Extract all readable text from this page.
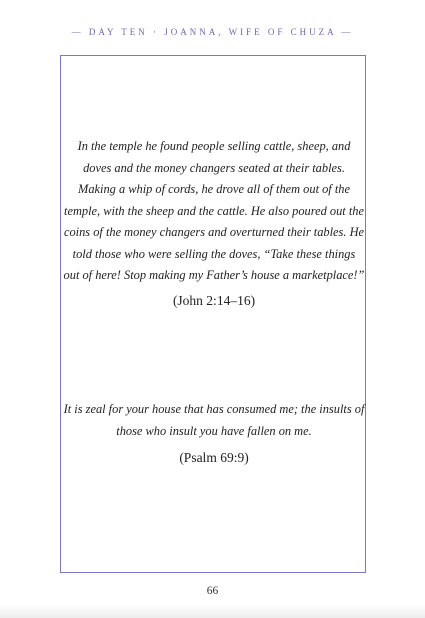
— DAY TEN · JOANNA, WIFE OF CHUZA —
In the temple he found people selling cattle, sheep, and
doves and the money changers seated at their tables.
Making a whip of cords, he drove all of them out of the
temple, with the sheep and the cattle. He also poured out the
coins of the money changers and overturned their tables. He
told those who were selling the doves, “Take these things
out of here! Stop making my Father’s house a marketplace!”
(John 2:14–16)
It is zeal for your house that has consumed me; the insults of
those who insult you have fallen on me.
(Psalm 69:9)
66
